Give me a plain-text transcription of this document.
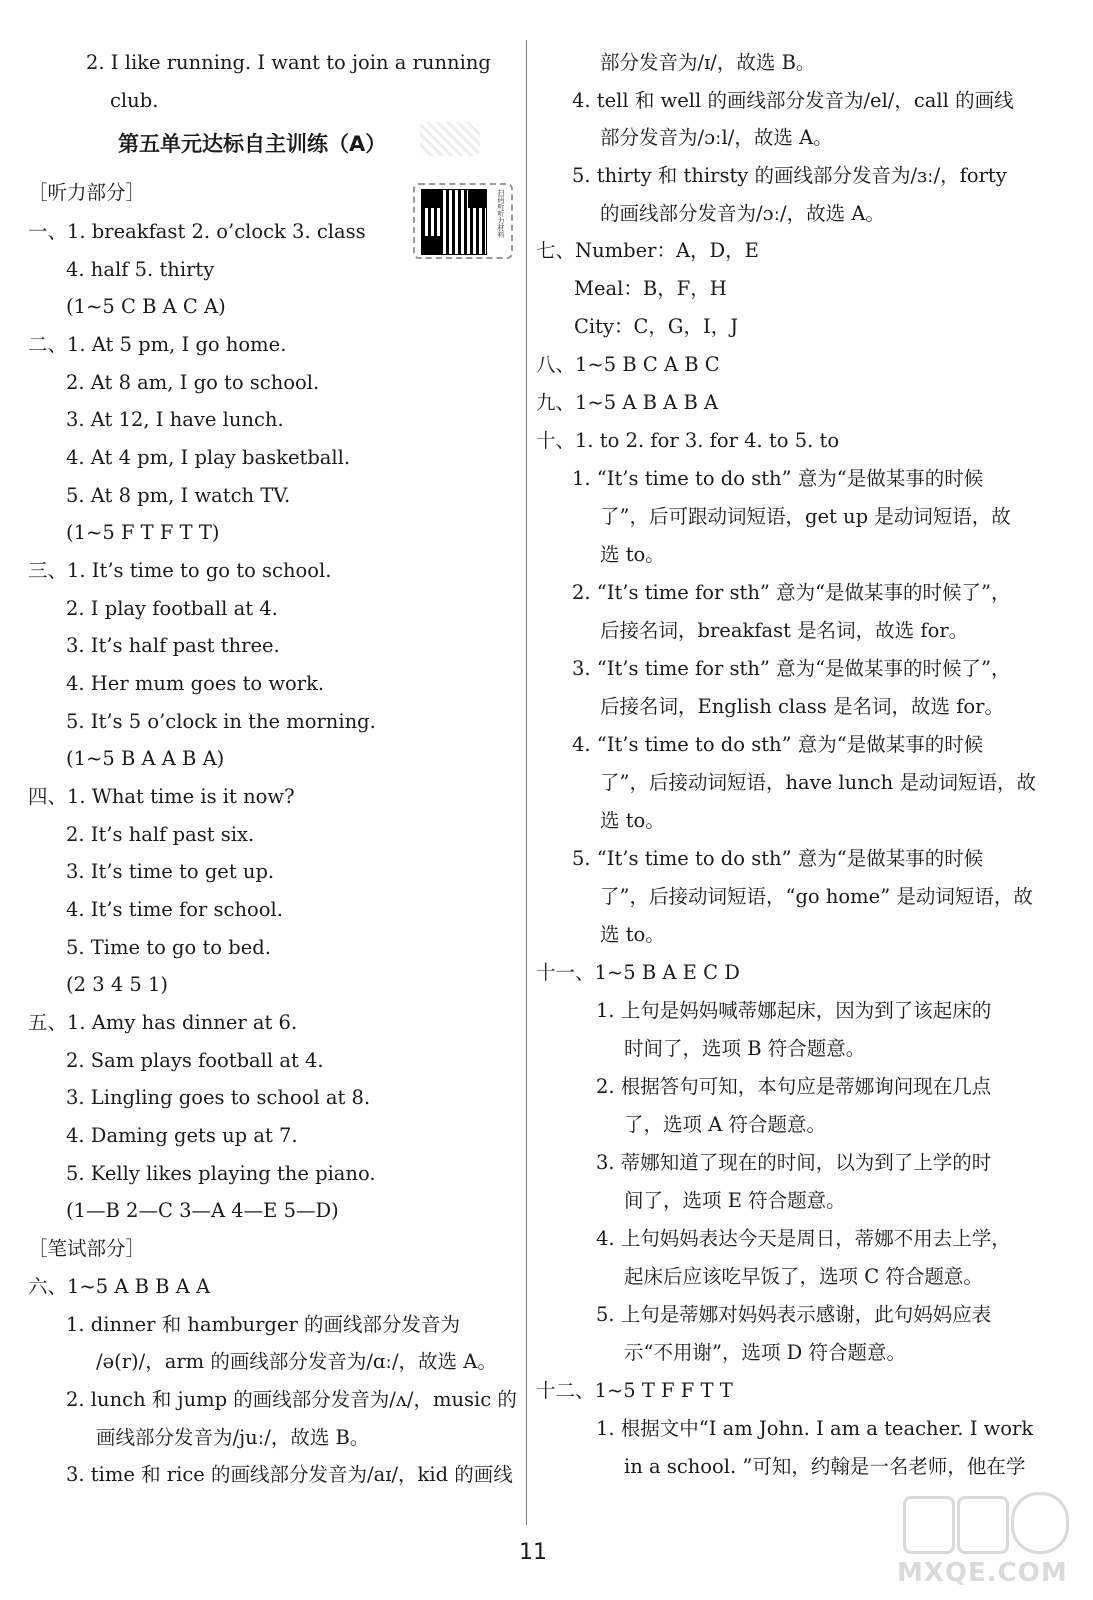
第五单元达标自主训练（A）
扫码听听力材料
2. I like running. I want to join a running
club.
［听力部分］
一、1. breakfast 2. o’clock 3. class
4. half 5. thirty
(1~5 C B A C A)
二、1. At 5 pm, I go home.
2. At 8 am, I go to school.
3. At 12, I have lunch.
4. At 4 pm, I play basketball.
5. At 8 pm, I watch TV.
(1~5 F T F T T)
三、1. It’s time to go to school.
2. I play football at 4.
3. It’s half past three.
4. Her mum goes to work.
5. It’s 5 o’clock in the morning.
(1~5 B A A B A)
四、1. What time is it now?
2. It’s half past six.
3. It’s time to get up.
4. It’s time for school.
5. Time to go to bed.
(2 3 4 5 1)
五、1. Amy has dinner at 6.
2. Sam plays football at 4.
3. Lingling goes to school at 8.
4. Daming gets up at 7.
5. Kelly likes playing the piano.
(1—B 2—C 3—A 4—E 5—D)
［笔试部分］
六、1~5 A B B A A
1. dinner 和 hamburger 的画线部分发音为
/ə(r)/，arm 的画线部分发音为/ɑː/，故选 A。
2. lunch 和 jump 的画线部分发音为/ʌ/，music 的
画线部分发音为/juː/，故选 B。
3. time 和 rice 的画线部分发音为/aɪ/，kid 的画线
部分发音为/ɪ/，故选 B。
4. tell 和 well 的画线部分发音为/el/，call 的画线
部分发音为/ɔːl/，故选 A。
5. thirty 和 thirsty 的画线部分发音为/ɜː/，forty
的画线部分发音为/ɔː/，故选 A。
七、Number：A，D，E
Meal：B，F，H
City：C，G，I，J
八、1~5 B C A B C
九、1~5 A B A B A
十、1. to 2. for 3. for 4. to 5. to
1. “It’s time to do sth” 意为“是做某事的时候
了”，后可跟动词短语，get up 是动词短语，故
选 to。
2. “It’s time for sth” 意为“是做某事的时候了”，
后接名词，breakfast 是名词，故选 for。
3. “It’s time for sth” 意为“是做某事的时候了”，
后接名词，English class 是名词，故选 for。
4. “It’s time to do sth” 意为“是做某事的时候
了”，后接动词短语，have lunch 是动词短语，故
选 to。
5. “It’s time to do sth” 意为“是做某事的时候
了”，后接动词短语，“go home” 是动词短语，故
选 to。
十一、1~5 B A E C D
1. 上句是妈妈喊蒂娜起床，因为到了该起床的
时间了，选项 B 符合题意。
2. 根据答句可知，本句应是蒂娜询问现在几点
了，选项 A 符合题意。
3. 蒂娜知道了现在的时间，以为到了上学的时
间了，选项 E 符合题意。
4. 上句妈妈表达今天是周日，蒂娜不用去上学，
起床后应该吃早饭了，选项 C 符合题意。
5. 上句是蒂娜对妈妈表示感谢，此句妈妈应表
示“不用谢”，选项 D 符合题意。
十二、1~5 T F F T T
1. 根据文中“I am John. I am a teacher. I work
in a school. ”可知，约翰是一名老师，他在学
11
MXQE.COM
